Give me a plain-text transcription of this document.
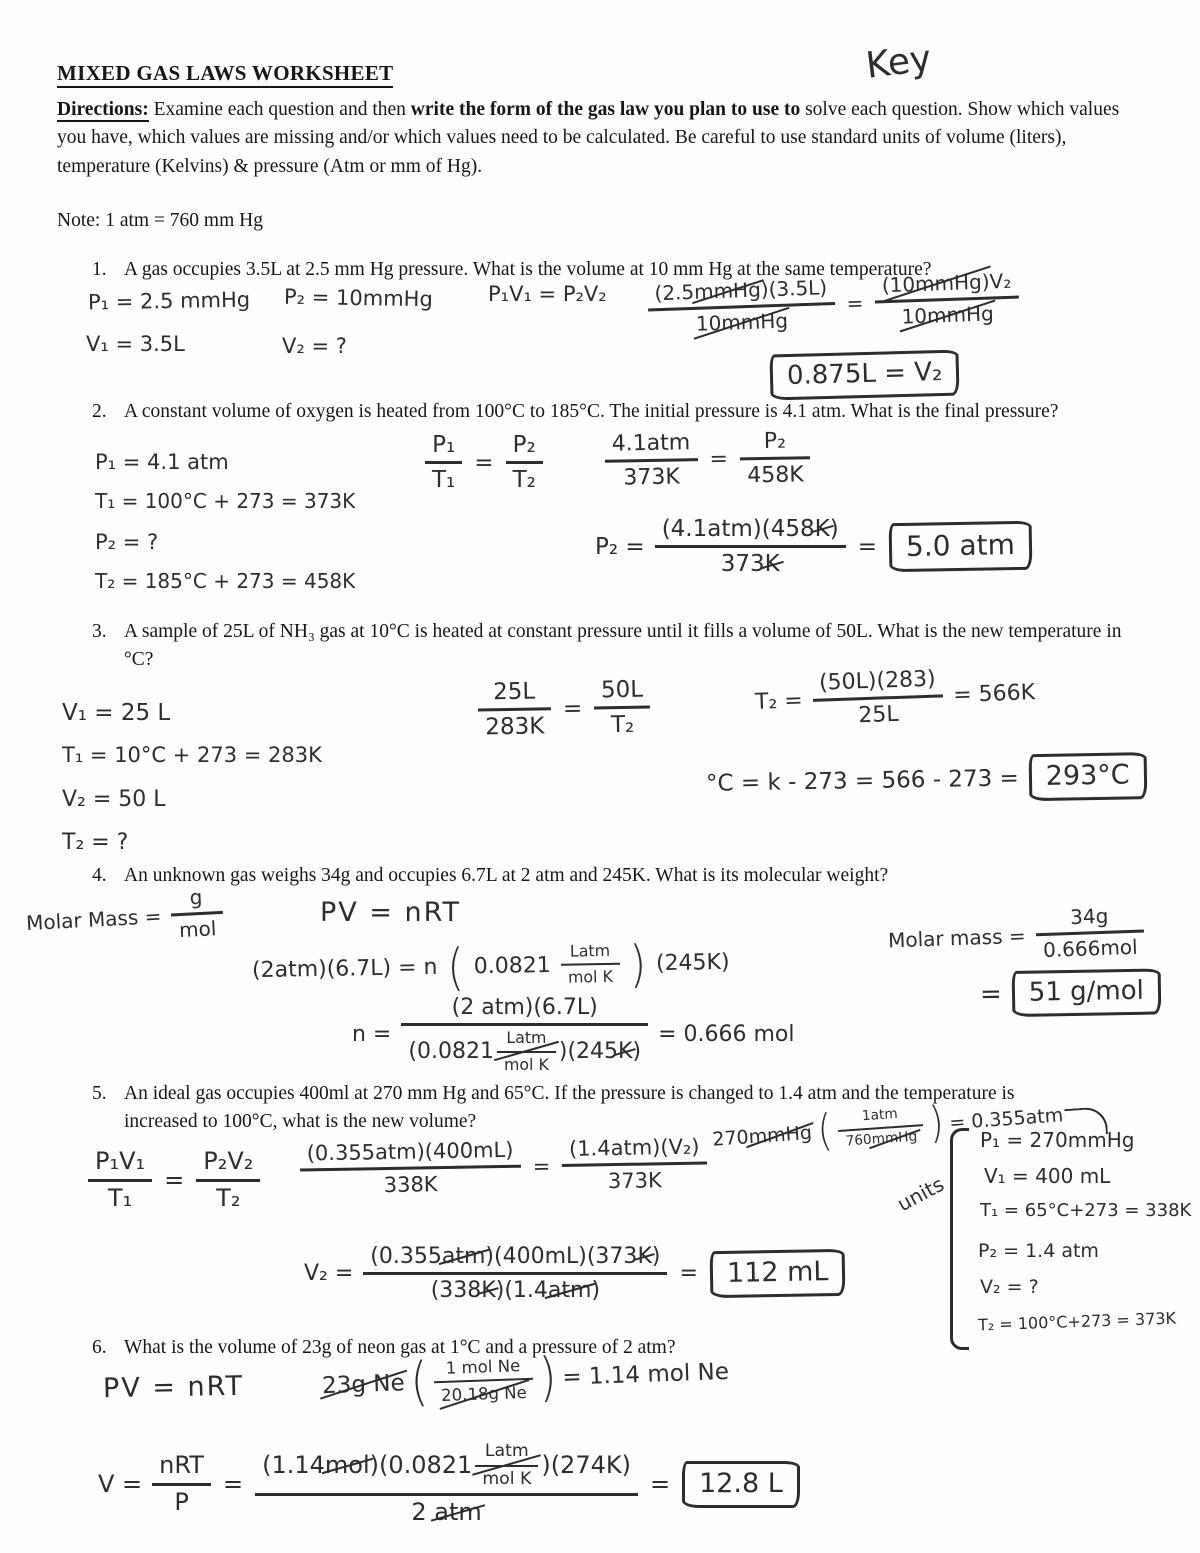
MIXED GAS LAWS WORKSHEET	Key
Directions: Examine each question and then write the form of the gas law you plan to use to solve each question. Show which values you have, which values are missing and/or which values need to be calculated. Be careful to use standard units of volume (liters), temperature (Kelvins) & pressure (Atm or mm of Hg).
Note: 1 atm = 760 mm Hg
1. A gas occupies 3.5L at 2.5 mm Hg pressure. What is the volume at 10 mm Hg at the same temperature?
P₁ = 2.5 mmHg P₂ = 10mmHg	P₁V₁ = P₂V₂
V₁ = 3.5L	V₂ = ?
$\frac{\text{(2.5mmHg)(3.5L)}}{\text{10mmHg}} = \frac{\text{(10mmHg)V₂}}{\text{10mmHg}}$
0.875L = V₂
2. A constant volume of oxygen is heated from 100°C to 185°C. The initial pressure is 4.1 atm. What is the final pressure?
P₁ = 4.1 atm
T₁ = 100°C + 273 = 373K
P₂ = ?
T₂ = 185°C + 273 = 458K
$\frac{\text{P₁}}{\text{T₁}} = \frac{\text{P₂}}{\text{T₂}}$	$\frac{\text{4.1atm}}{373K} = \frac{\text{P₂}}{458K}$
$P_2 = \frac{\text{(4.1atm)(458K)}}{373K}$ =	5.0 atm
3. A sample of 25L of NH₃ gas at 10°C is heated at constant pressure until it fills a volume of 50L. What is the new temperature in °C?
V₁ = 25 L
T₁ = 10°C + 273 = 283K
V₂ = 50 L
T₂ = ?
$\frac{25L}{283K} = \frac{50L}{\text{T₂}}$	$T_2 = \frac{(50L)(283)}{25L} = 566K$
°C = k - 273 = 566 - 273 = 293°C
4. An unknown gas weighs 34g and occupies 6.7L at 2 atm and 245K. What is its molecular weight?
Molar Mass = $\frac{g}{\text{mol}}$	PV = nRT
(2atm)(6.7L) = n ( $0.0821 \frac{\text{Latm}}{\text{mol K}}$ ) (245K)
$n = \frac{\text{(2 atm)(6.7L)}}{(0.0821 \frac{\text{Latm}}{\text{mol K}} )(245K)} = 0.666$ mol
Molar mass = $\frac{34g}{\text{0.666mol}}$
=	51 g/mol
5. An ideal gas occupies 400ml at 270 mm Hg and 65°C. If the pressure is changed to 1.4 atm and the temperature is increased to 100°C, what is the new volume?
270mmHg ( $\frac{\text{1atm}}{\text{760mmHg}}$ ) = 0.355atm
$\frac{\text{P₁V₁}}{\text{T₁}} = \frac{\text{P₂V₂}}{\text{T₂}} \frac{\text{(0.355atm)(400mL)}}{338K} = \frac{\text{(1.4atm)(V₂)}}{373K}$	units
P₁ = 270mmHg
V₁ = 400 mL
T₁ = 65°C+273 = 338K
P₂ = 1.4 atm
V₂ = ?
T₂ = 100°C+273 = 373K
$V_2 = \frac{\text{(0.355atm)(400mL)(373K)}}{\text{(338K)(1.4atm)}}$ =	112 mL
6. What is the volume of 23g of neon gas at 1°C and a pressure of 2 atm?
PV = nRT	23g Ne ( $\frac{\text{1 mol Ne}}{\text{20.18g Ne}}$ ) = 1.14 mol Ne
$V = \frac{\text{nRT}}{P} = \frac{(1.14mol)(0.0821 \frac{\text{Latm}}{\text{mol K}} )(274K)}{\text{2 atm}}$ =	12.8 L
